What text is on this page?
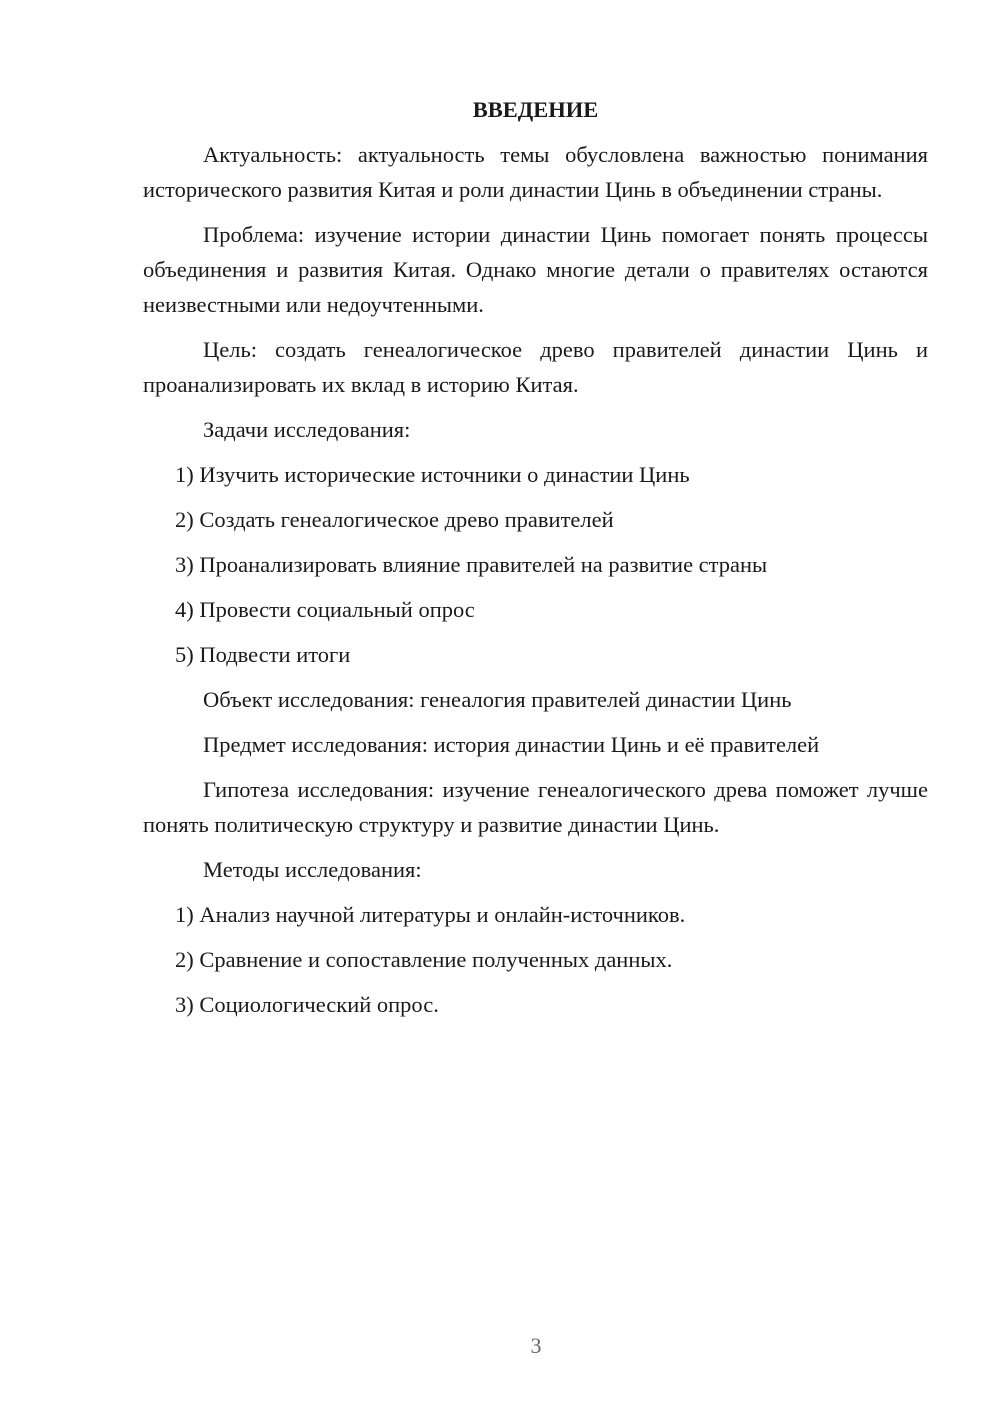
ВВЕДЕНИЕ

Актуальность: актуальность темы обусловлена важностью понимания исторического развития Китая и роли династии Цинь в объединении страны.

Проблема: изучение истории династии Цинь помогает понять процессы объединения и развития Китая. Однако многие детали о правителях остаются неизвестными или недоучтенными.

Цель: создать генеалогическое древо правителей династии Цинь и проанализировать их вклад в историю Китая.

Задачи исследования:

1) Изучить исторические источники о династии Цинь

2) Создать генеалогическое древо правителей

3) Проанализировать влияние правителей на развитие страны

4) Провести социальный опрос

5) Подвести итоги

Объект исследования: генеалогия правителей династии Цинь

Предмет исследования: история династии Цинь и её правителей

Гипотеза исследования: изучение генеалогического древа поможет лучше понять политическую структуру и развитие династии Цинь.

Методы исследования:

1) Анализ научной литературы и онлайн-источников.

2) Сравнение и сопоставление полученных данных.

3) Социологический опрос.

3
